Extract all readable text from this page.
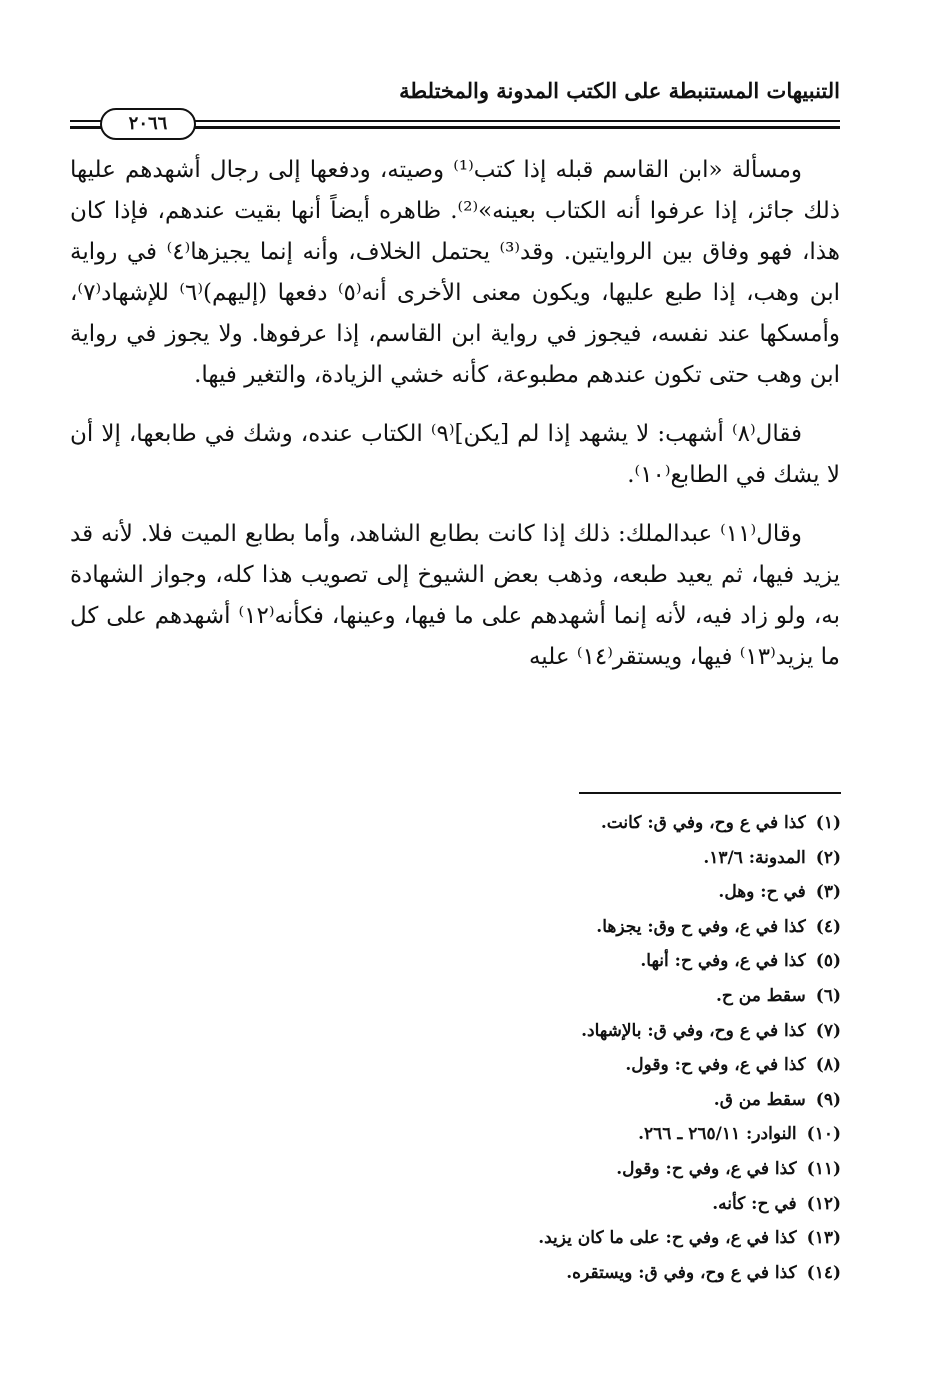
التنبيهات المستنبطة على الكتب المدونة والمختلطة
٢٠٦٦

ومسألة «ابن القاسم قبله إذا كتب⁽¹⁾ وصيته، ودفعها إلى رجال أشهدهم عليها ذلك جائز، إذا عرفوا أنه الكتاب بعينه»⁽²⁾. ظاهره أيضاً أنها بقيت عندهم، فإذا كان هذا، فهو وفاق بين الروايتين. وقد⁽³⁾ يحتمل الخلاف، وأنه إنما يجيزها⁽٤⁾ في رواية ابن وهب، إذا طبع عليها، ويكون معنى الأخرى أنه⁽٥⁾ دفعها (إليهم)⁽٦⁾ للإشهاد⁽٧⁾، وأمسكها عند نفسه، فيجوز في رواية ابن القاسم، إذا عرفوها. ولا يجوز في رواية ابن وهب حتى تكون عندهم مطبوعة، كأنه خشي الزيادة، والتغير فيها.

فقال⁽٨⁾ أشهب: لا يشهد إذا لم [يكن]⁽٩⁾ الكتاب عنده، وشك في طابعها، إلا أن لا يشك في الطابع⁽١٠⁾.

وقال⁽١١⁾ عبدالملك: ذلك إذا كانت بطابع الشاهد، وأما بطابع الميت فلا. لأنه قد يزيد فيها، ثم يعيد طبعه، وذهب بعض الشيوخ إلى تصويب هذا كله، وجواز الشهادة به، ولو زاد فيه، لأنه إنما أشهدهم على ما فيها، وعينها، فكأنه⁽١٢⁾ أشهدهم على كل ما يزيد⁽١٣⁾ فيها، ويستقر⁽١٤⁾ عليه

(١)كذا في ع وح، وفي ق: كانت.
(٢)المدونة: ١٣/٦.
(٣)في ح: وهل.
(٤)كذا في ع، وفي ح وق: يجزها.
(٥)كذا في ع، وفي ح: أنها.
(٦)سقط من ح.
(٧)كذا في ع وح، وفي ق: بالإشهاد.
(٨)كذا في ع، وفي ح: وقول.
(٩)سقط من ق.
(١٠)النوادر: ٢٦٥/١١ ـ ٢٦٦.
(١١)كذا في ع، وفي ح: وقول.
(١٢)في ح: كأنه.
(١٣)كذا في ع، وفي ح: على ما كان يزيد.
(١٤)كذا في ع وح، وفي ق: ويستقره.
